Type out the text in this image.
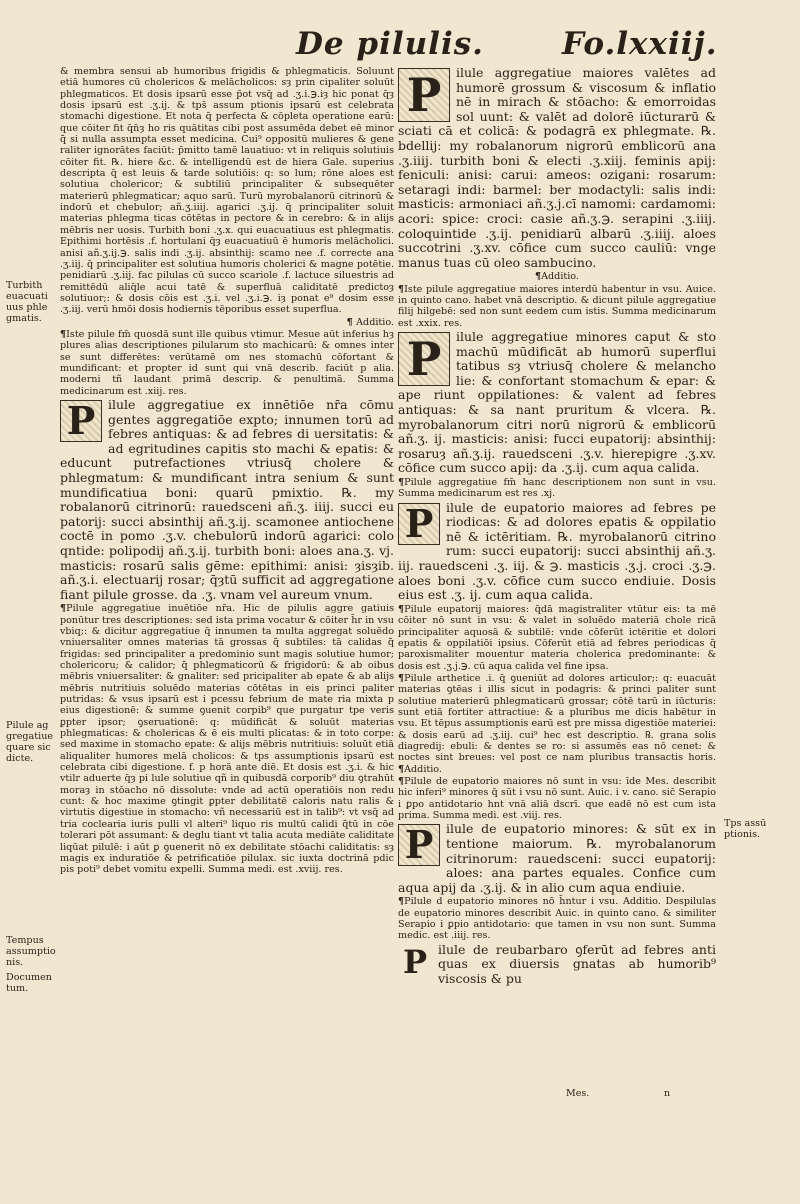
De pilulis.	Fo.lxxiij.

& membra sensui ab humoribus frigidis & phlegmaticis. Soluunt etiā humores cū cholericos & melācholicos: sȝ prin cipaliter soluūt phlegmaticos. Et dosis ipsarū esse p̄ot vsq̄ ad .ʒ.i.℈.iȝ hic ponat q̄ȝ dosis ipsarū est .ʒ.ij. & tps̄ assum ptionis ipsarū est celebrata stomachi digestione. Et nota q̄ perfecta & cōpleta operatione earū: que cōiter fit q̄n̄ȝ ho ris quātitas cibi post assumēda debet eē minor q̄̄ si nulla assumpta esset medicina. Cui⁹ oppositū mulieres & gene raliter ignorātes faciūt: p̄mitto tamē lauatiuo: vt in reliquis solutiuis cōiter fit. ℞. hiere &c. & intelligendū est de hiera Gale. superius descripta q̄ est leuis & tarde solutiōis: q: so lum; rōne aloes est solutiua cholericor; & subtiliū principaliter & subsequēter materierū phlegmaticar; aquo sarū. Turū myrobalanorū citrinorū & indorū et chebulor; añ.ʒ.iiij. agarici .ʒ.ij. q̄ principaliter soluit materias phlegma ticas cōtētas in pectore & in cerebro: & in alijs mēbris ner uosis. Turbith boni .ʒ.x. qui euacuatiuus est phlegmatis. Epithimi hortēsis .f. hortulani q̄ȝ euacuatiuū ē humoris melācholici. anisi añ.ʒ.ij.℈. salis indi .ʒ.ij. absinthij: scamo nee .f. correcte ana .ʒ.iij. q̄ principaliter est solutiua humoris cholerici & magne potētie. penidiarū .ʒ.iij. fac pilulas cū succo scariole .f. lactuce siluestris ad remittēdū aliq̄le acui tatē & superfluā caliditatē predictoȝ solutiuor;: & dosis cōis est .ʒ.i. vel .ʒ.i.℈. iȝ ponat e⁹ dosim esse .ʒ.iij. verū hmōi dosis hodiernis tēporibus esset superflua.

¶ Additio.

¶Iste pilule fm̄ quosdā sunt ille quibus vtimur. Mesue aūt inferius hȝ plures alias descriptiones pilularum sto machicarū: & omnes inter se sunt differētes: verūtamē om nes stomachū cōfortant & mundificant: et propter id sunt qui vnā describ. faciūt p alia. moderni tñ laudant primā descrip. & penultimā. Summa medicinarum est .xiij. res.

P	ilule aggregatiue ex innētiōe nr̄a cōmu gentes aggregatiōe expto; innumen torū ad febres antiquas: & ad febres di uersitatis: & ad egritudines capitis sto machi & epatis: & educunt putrefactiones vtriusq̄ cholere & phlegmatum: & mundificant intra senium & sunt mundificatiua boni: quarū pmixtio. ℞. my robalanorū citrinorū: rauedsceni añ.ʒ. iiij. succi eu patorij: succi absinthij añ.ʒ.ij. scamonee antiochene coctē in pomo .ʒ.v. chebulorū indorū agarici: colo qntide: polipodij añ.ʒ.ij. turbith boni: aloes ana.ʒ. vj. masticis: rosarū salis gēme: epithimi: anisi: ȝisȝib. añ.ʒ.i. electuarij rosar; q̄ȝtū sufficit ad aggregatione fiant pilule grosse. da .ʒ. vnam vel aureum vnum.

¶Pilule aggregatiue inuētiōe nr̄a. Hic de pilulis aggre gatiuis ponūtur tres descriptiones: sed ista prima vocatur & cōiter h̄r in vsu vbiq;: & dicitur aggregatiue q̄ innumen ta multa aggregat soluēdo vniuersaliter omnes materias tā grossas q̄̄ subtiles: tā calidas q̄̄ frigidas: sed principaliter a predominio sunt magis solutiue humor; cholericoru; & calidor; q̄̄ phlegmaticorū & frigidorū: & ab oibus mēbris vniuersaliter: & gnaliter: sed pricipaliter ab epate & ab alijs mēbris nutritiuis soluēdo materias cōtētas in eis princi paliter putridas: & vsus ipsarū est i pcessu febrium de mate ria mixta p eius digestionē: & summe ꝯuenit corpib⁹ que purgatur tpe veris ꝑpter ipsor; ꝯseruationē: q: mūdificāt & soluūt materias phlegmaticas: & cholericas & ē eis multi plicatas: & in toto corpe: sed maxime in stomacho epate: & alijs mēbris nutritiuis: soluūt etiā aliqualiter humores melā cholicos: & tps assumptionis ipsarū est celebrata cibi digestione. f. p horā ante diē. Et dosis est .ʒ.i. & hic vtilr aduerte q̄ȝ pi lule solutiue qñ in quibusdā corporib⁹ diu ꝯtrahūt moraȝ in stōacho nō dissolute: vnde ad actū operatiōis non redu cunt: & hoc maxime ꝯtingit ꝑpter debilitatē caloris natu ralis & virtutis digestiue in stomacho: vñ necessariū est in talib⁹: vt vsq̄ ad tria coclearia iuris pulli vl alteri⁹ liquo ris multū calidi q̄̄tū in cōe tolerari pōt assumant: & deglu tiant vt talia acuta mediāte caliditate liqūat pilulē: i aūt ꝑ ꝯuenerit nō ex debilitate stōachi caliditatis: sȝ magis ex induratiōe & petrificatiōe pilulax. sic iuxta doctrinā pdic pis poti⁹ debet vomitu expelli. Summa medi. est .xviij. res.

P	ilule aggregatiue maiores valētes ad humorē grossum & viscosum & inflatio nē in mirach & stōacho: & emorroidas sol uunt: & valēt ad dolorē iūcturarū & sciati cā et colicā: & podagrā ex phlegmate. ℞. bdellij: my robalanorum nigrorū emblicorū ana .ʒ.iiij. turbith boni & electi .ʒ.xiij. feminis apij: feniculi: anisi: carui: ameos: ozigani: rosarum: setaragi indi: barmel: ber modactyli: salis indi: masticis: armoniaci añ.ʒ.j.cī namomi: cardamomi: acori: spice: croci: casie añ.ʒ.℈. serapini .ʒ.iiij. coloquintide .ʒ.ij. penidiarū albarū .ʒ.iiij. aloes succotrini .ʒ.xv. cōfice cum succo cauliū: vnge manus tuas cū oleo sambucino.

¶Additio.

¶Iste pilule aggregatiue maiores interdū habentur in vsu. Auice. in quinto cano. habet vnā descriptio. & dicunt pilule aggregatiue filij hilgebē: sed non sunt eedem cum istis. Summa medicinarum est .xxix. res.

P	ilule aggregatiue minores caput & sto machū mūdificāt ab humorū superflui tatibus sȝ vtriusq̄ cholere & melancho lie: & confortant stomachum & epar: & ape riunt oppilationes: & valent ad febres antiquas: & sa nant pruritum & vlcera. ℞. myrobalanorum citri norū nigrorū & emblicorū añ.ʒ. ij. masticis: anisi: fucci eupatorij: absinthij: rosaruȝ añ.ʒ.ij. rauedsceni .ʒ.v. hierepigre .ʒ.xv. cōfice cum succo apij: da .ʒ.ij. cum aqua calida.

¶Pilule aggregatiue fm̄ hanc descriptionem non sunt in vsu. Summa medicinarum est res .xj.

P	ilule de eupatorio maiores ad febres pe riodicas: & ad dolores epatis & oppilatio nē & ictēritiam. ℞. myrobalanorū citrino rum: succi eupatorij: succi absinthij añ.ʒ. iij. rauedsceni .ʒ. iij. & ℈. masticis .ʒ.j. croci .ʒ.℈. aloes boni .ʒ.v. cōfice cum succo endiuie. Dosis eius est .ʒ. ij. cum aqua calida.

¶Pilule eupatorij maiores: q̄dā magistraliter vtūtur eis: ta mē cōiter nō sunt in vsu: & valet in soluēdo materiā chole ricā principaliter aquosā & subtilē: vnde cōferūt ictēritie et dolori epatis & oppilatiōi ipsius. Cōferūt etiā ad febres periodicas q̄ paroxismaliter mouentur materia cholerica predominante: & dosis est .ʒ.j.℈. cū aqua calida vel fine ipsa.

¶Pilule arthetice .i. q̄ ꝯueniūt ad dolores articulor;: q: euacuāt materias ꝯtēas i illis sicut in podagris: & princi paliter sunt solutiue materierū phlegmaticarū grossar; cōtē tarū in iūcturis: sunt etiā fortiter attractiue: & a pluribus me dicis habētur in vsu. Et tēpus assumptionis earū est pre missa digestiōe materiei: & dosis earū ad .ʒ.iij. cui⁹ hec est descriptio. ℞. grana solis diagredij: ebuli: & dentes se ro: si assumēs eas nō cenet: & noctes sint breues: vel post ce nam pluribus transactis horis. ¶Additio.

¶Pilule de eupatorio maiores nō sunt in vsu: īde Mes. describit hic inferi⁹ minores q̄ sūt i vsu nō sunt. Auic. i v. cano. sic̄ Serapio i ꝑpo antidotario hnt vnā aliā dscrī. que eadē nō est cum ista prima. Summa medi. est .viij. res.

P	ilule de eupatorio minores: & sūt ex in tentione maiorum. ℞. myrobalanorum citrinorum: rauedsceni: succi eupatorij: aloes: ana partes equales. Confice cum aqua apij da .ʒ.ij. & in alio cum aqua endiuie.

¶Pilule d eupatorio minores nō h̄ntur i vsu. Additio. Despilulas de eupatorio minores describit Auic. in quinto cano. & similiter Serapio i ꝑpio antidotario: que tamen in vsu non sunt. Summa medic. est .iiij. res.

Pilule de reubarbaro ꝯferūt ad febres anti quas ex diuersis gnatas ab humorib⁹ viscosis & pu

Turbith euacuati uus phle gmatis.
Pilule ag gregatiue quare sic dicte.
Tempus assumptio nis.
Documen tum.
Tps assū ptionis.
Mes.	n
